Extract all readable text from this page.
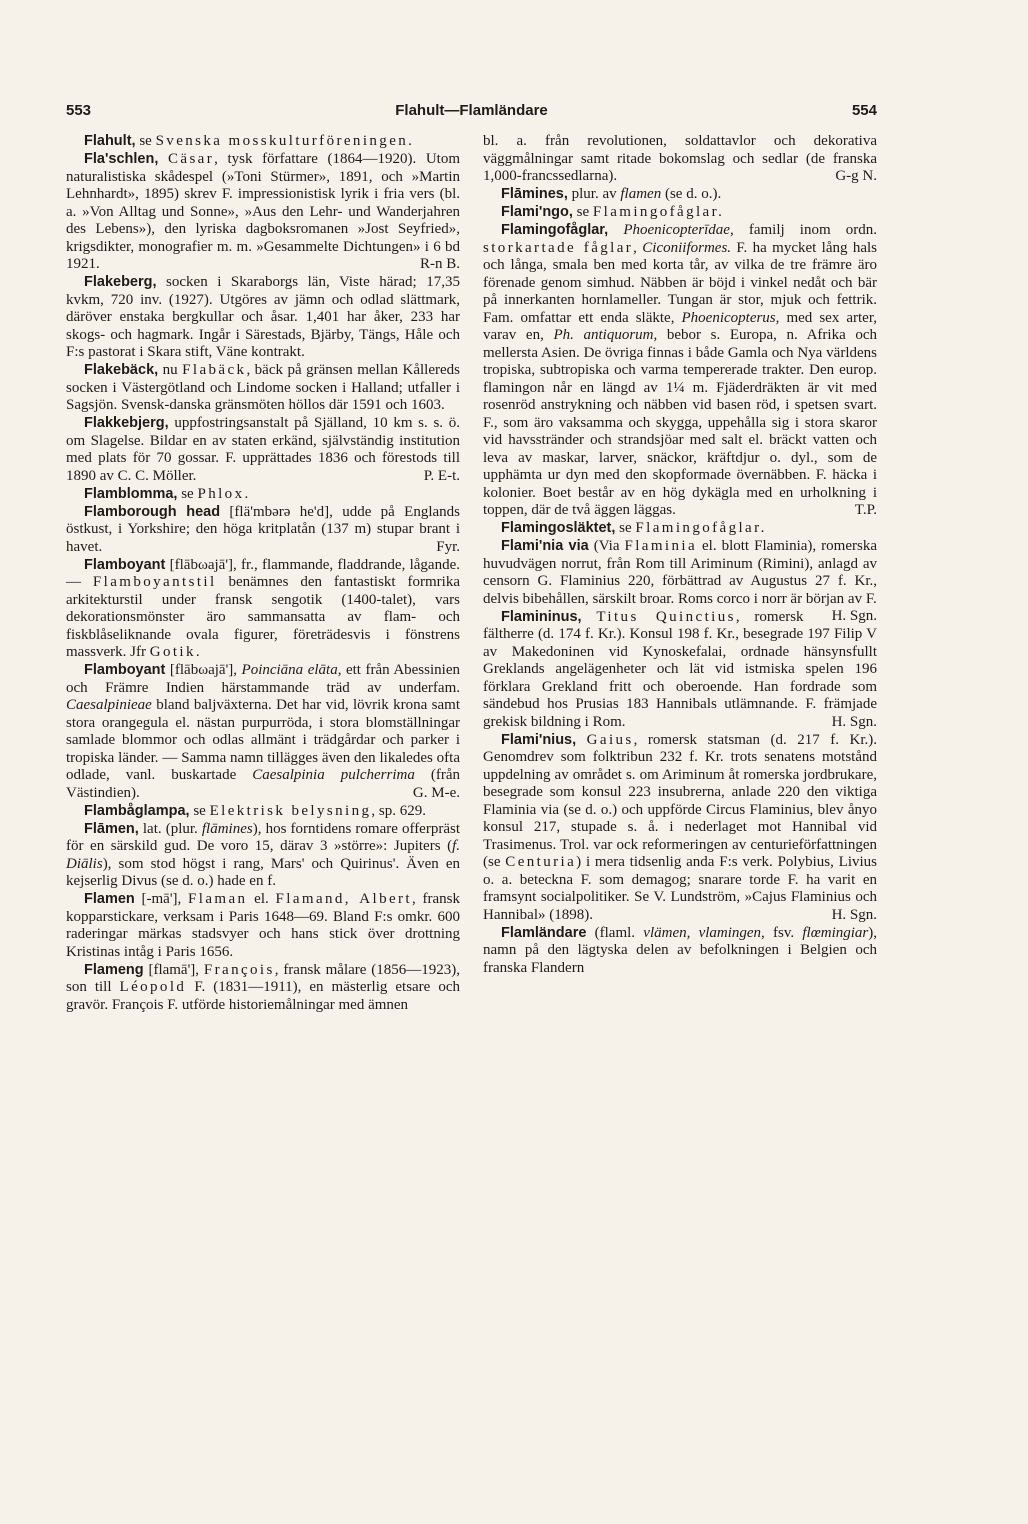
553	Flahult—Flamländare	554

Flahult, se Svenska mosskulturföreningen.

Fla'schlen, Cäsar, tysk författare (1864—1920). Utom naturalistiska skådespel (»Toni Stürmer», 1891, och »Martin Lehnhardt», 1895) skrev F. impressionistisk lyrik i fria vers (bl. a. »Von Alltag und Sonne», »Aus den Lehr- und Wanderjahren des Lebens»), den lyriska dagboksromanen »Jost Seyfried», krigsdikter, monografier m. m. »Gesammelte Dichtungen» i 6 bd 1921.	R-n B.

Flakeberg, socken i Skaraborgs län, Viste härad; 17,35 kvkm, 720 inv. (1927). Utgöres av jämn och odlad slättmark, däröver enstaka bergkullar och åsar. 1,401 har åker, 233 har skogs- och hagmark. Ingår i Särestads, Bjärby, Tängs, Håle och F:s pastorat i Skara stift, Väne kontrakt.

Flakebäck, nu Flabäck, bäck på gränsen mellan Kållereds socken i Västergötland och Lindome socken i Halland; utfaller i Sagsjön. Svensk-danska gränsmöten höllos där 1591 och 1603.

Flakkebjerg, uppfostringsanstalt på Själland, 10 km s. s. ö. om Slagelse. Bildar en av staten erkänd, självständig institution med plats för 70 gossar. F. upprättades 1836 och förestods till 1890 av C. C. Möller.	P. E-t.

Flamblomma, se Phlox.

Flamborough head [flä'mbərə he'd], udde på Englands östkust, i Yorkshire; den höga kritplatån (137 m) stupar brant i havet.	Fyr.

Flamboyant [flābωajā'], fr., flammande, fladdrande, lågande. — Flamboyantstil benämnes den fantastiskt formrika arkitekturstil under fransk sengotik (1400-talet), vars dekorationsmönster äro sammansatta av flam- och fiskblåseliknande ovala figurer, företrädesvis i fönstrens massverk. Jfr Gotik.

Flamboyant [flābωajā'], Poinciāna elāta, ett från Abessinien och Främre Indien härstammande träd av underfam. Caesalpinieae bland baljväxterna. Det har vid, lövrik krona samt stora orangegula el. nästan purpurröda, i stora blomställningar samlade blommor och odlas allmänt i trädgårdar och parker i tropiska länder. — Samma namn tillägges även den likaledes ofta odlade, vanl. buskartade Caesalpinia pulcherrima (från Västindien).	G. M-e.

Flambåglampa, se Elektrisk belysning, sp. 629.

Flāmen, lat. (plur. flāmines), hos forntidens romare offerpräst för en särskild gud. De voro 15, därav 3 »större»: Jupiters (f. Diālis), som stod högst i rang, Mars' och Quirinus'. Även en kejserlig Divus (se d. o.) hade en f.

Flamen [-mā'], Flaman el. Flamand, Albert, fransk kopparstickare, verksam i Paris 1648—69. Bland F:s omkr. 600 raderingar märkas stadsvyer och hans stick över drottning Kristinas intåg i Paris 1656.

Flameng [flamā'], François, fransk målare (1856—1923), son till Léopold F. (1831—1911), en mästerlig etsare och gravör. François F. utförde historiemålningar med ämnen

bl. a. från revolutionen, soldattavlor och dekorativa väggmålningar samt ritade bokomslag och sedlar (de franska 1,000-francssedlarna).	G-g N.

Flāmines, plur. av flamen (se d. o.).

Flami'ngo, se Flamingofåglar.

Flamingofåglar, Phoenicopterīdae, familj inom ordn. storkartade fåglar, Ciconiiformes. F. ha mycket lång hals och långa, smala ben med korta tår, av vilka de tre främre äro förenade genom simhud. Näbben är böjd i vinkel nedåt och bär på innerkanten hornlameller. Tungan är stor, mjuk och fettrik. Fam. omfattar ett enda släkte, Phoenicopterus, med sex arter, varav en, Ph. antiquorum, bebor s. Europa, n. Afrika och mellersta Asien. De övriga finnas i både Gamla och Nya världens tropiska, subtropiska och varma tempererade trakter. Den europ. flamingon når en längd av 1¼ m. Fjäderdräkten är vit med rosenröd anstrykning och näbben vid basen röd, i spetsen svart. F., som äro vaksamma och skygga, uppehålla sig i stora skaror vid havsstränder och strandsjöar med salt el. bräckt vatten och leva av maskar, larver, snäckor, kräftdjur o. dyl., som de upphämta ur dyn med den skopformade övernäbben. F. häcka i kolonier. Boet består av en hög dykägla med en urholkning i toppen, där de två äggen läggas.	T.P.

Flamingosläktet, se Flamingofåglar.

Flami'nia via (Via Flaminia el. blott Flaminia), romerska huvudvägen norrut, från Rom till Ariminum (Rimini), anlagd av censorn G. Flaminius 220, förbättrad av Augustus 27 f. Kr., delvis bibehållen, särskilt broar. Roms corco i norr är början av F.
H. Sgn.

Flamininus, Titus Quinctius, romersk fältherre (d. 174 f. Kr.). Konsul 198 f. Kr., besegrade 197 Filip V av Makedoninen vid Kynoskefalai, ordnade hänsynsfullt Greklands angelägenheter och lät vid istmiska spelen 196 förklara Grekland fritt och oberoende. Han fordrade som sändebud hos Prusias 183 Hannibals utlämnande. F. främjade grekisk bildning i Rom.	H. Sgn.

Flami'nius, Gaius, romersk statsman (d. 217 f. Kr.). Genomdrev som folktribun 232 f. Kr. trots senatens motstånd uppdelning av området s. om Ariminum åt romerska jordbrukare, besegrade som konsul 223 insubrerna, anlade 220 den viktiga Flaminia via (se d. o.) och uppförde Circus Flaminius, blev ånyo konsul 217, stupade s. å. i nederlaget mot Hannibal vid Trasimenus. Trol. var ock reformeringen av centurieförfattningen (se Centuria) i mera tidsenlig anda F:s verk. Polybius, Livius o. a. beteckna F. som demagog; snarare torde F. ha varit en framsynt socialpolitiker. Se V. Lundström, »Cajus Flaminius och Hannibal» (1898).	H. Sgn.

Flamländare (flaml. vlämen, vlamingen, fsv. flœmingiar), namn på den lägtyska delen av befolkningen i Belgien och franska Flandern
